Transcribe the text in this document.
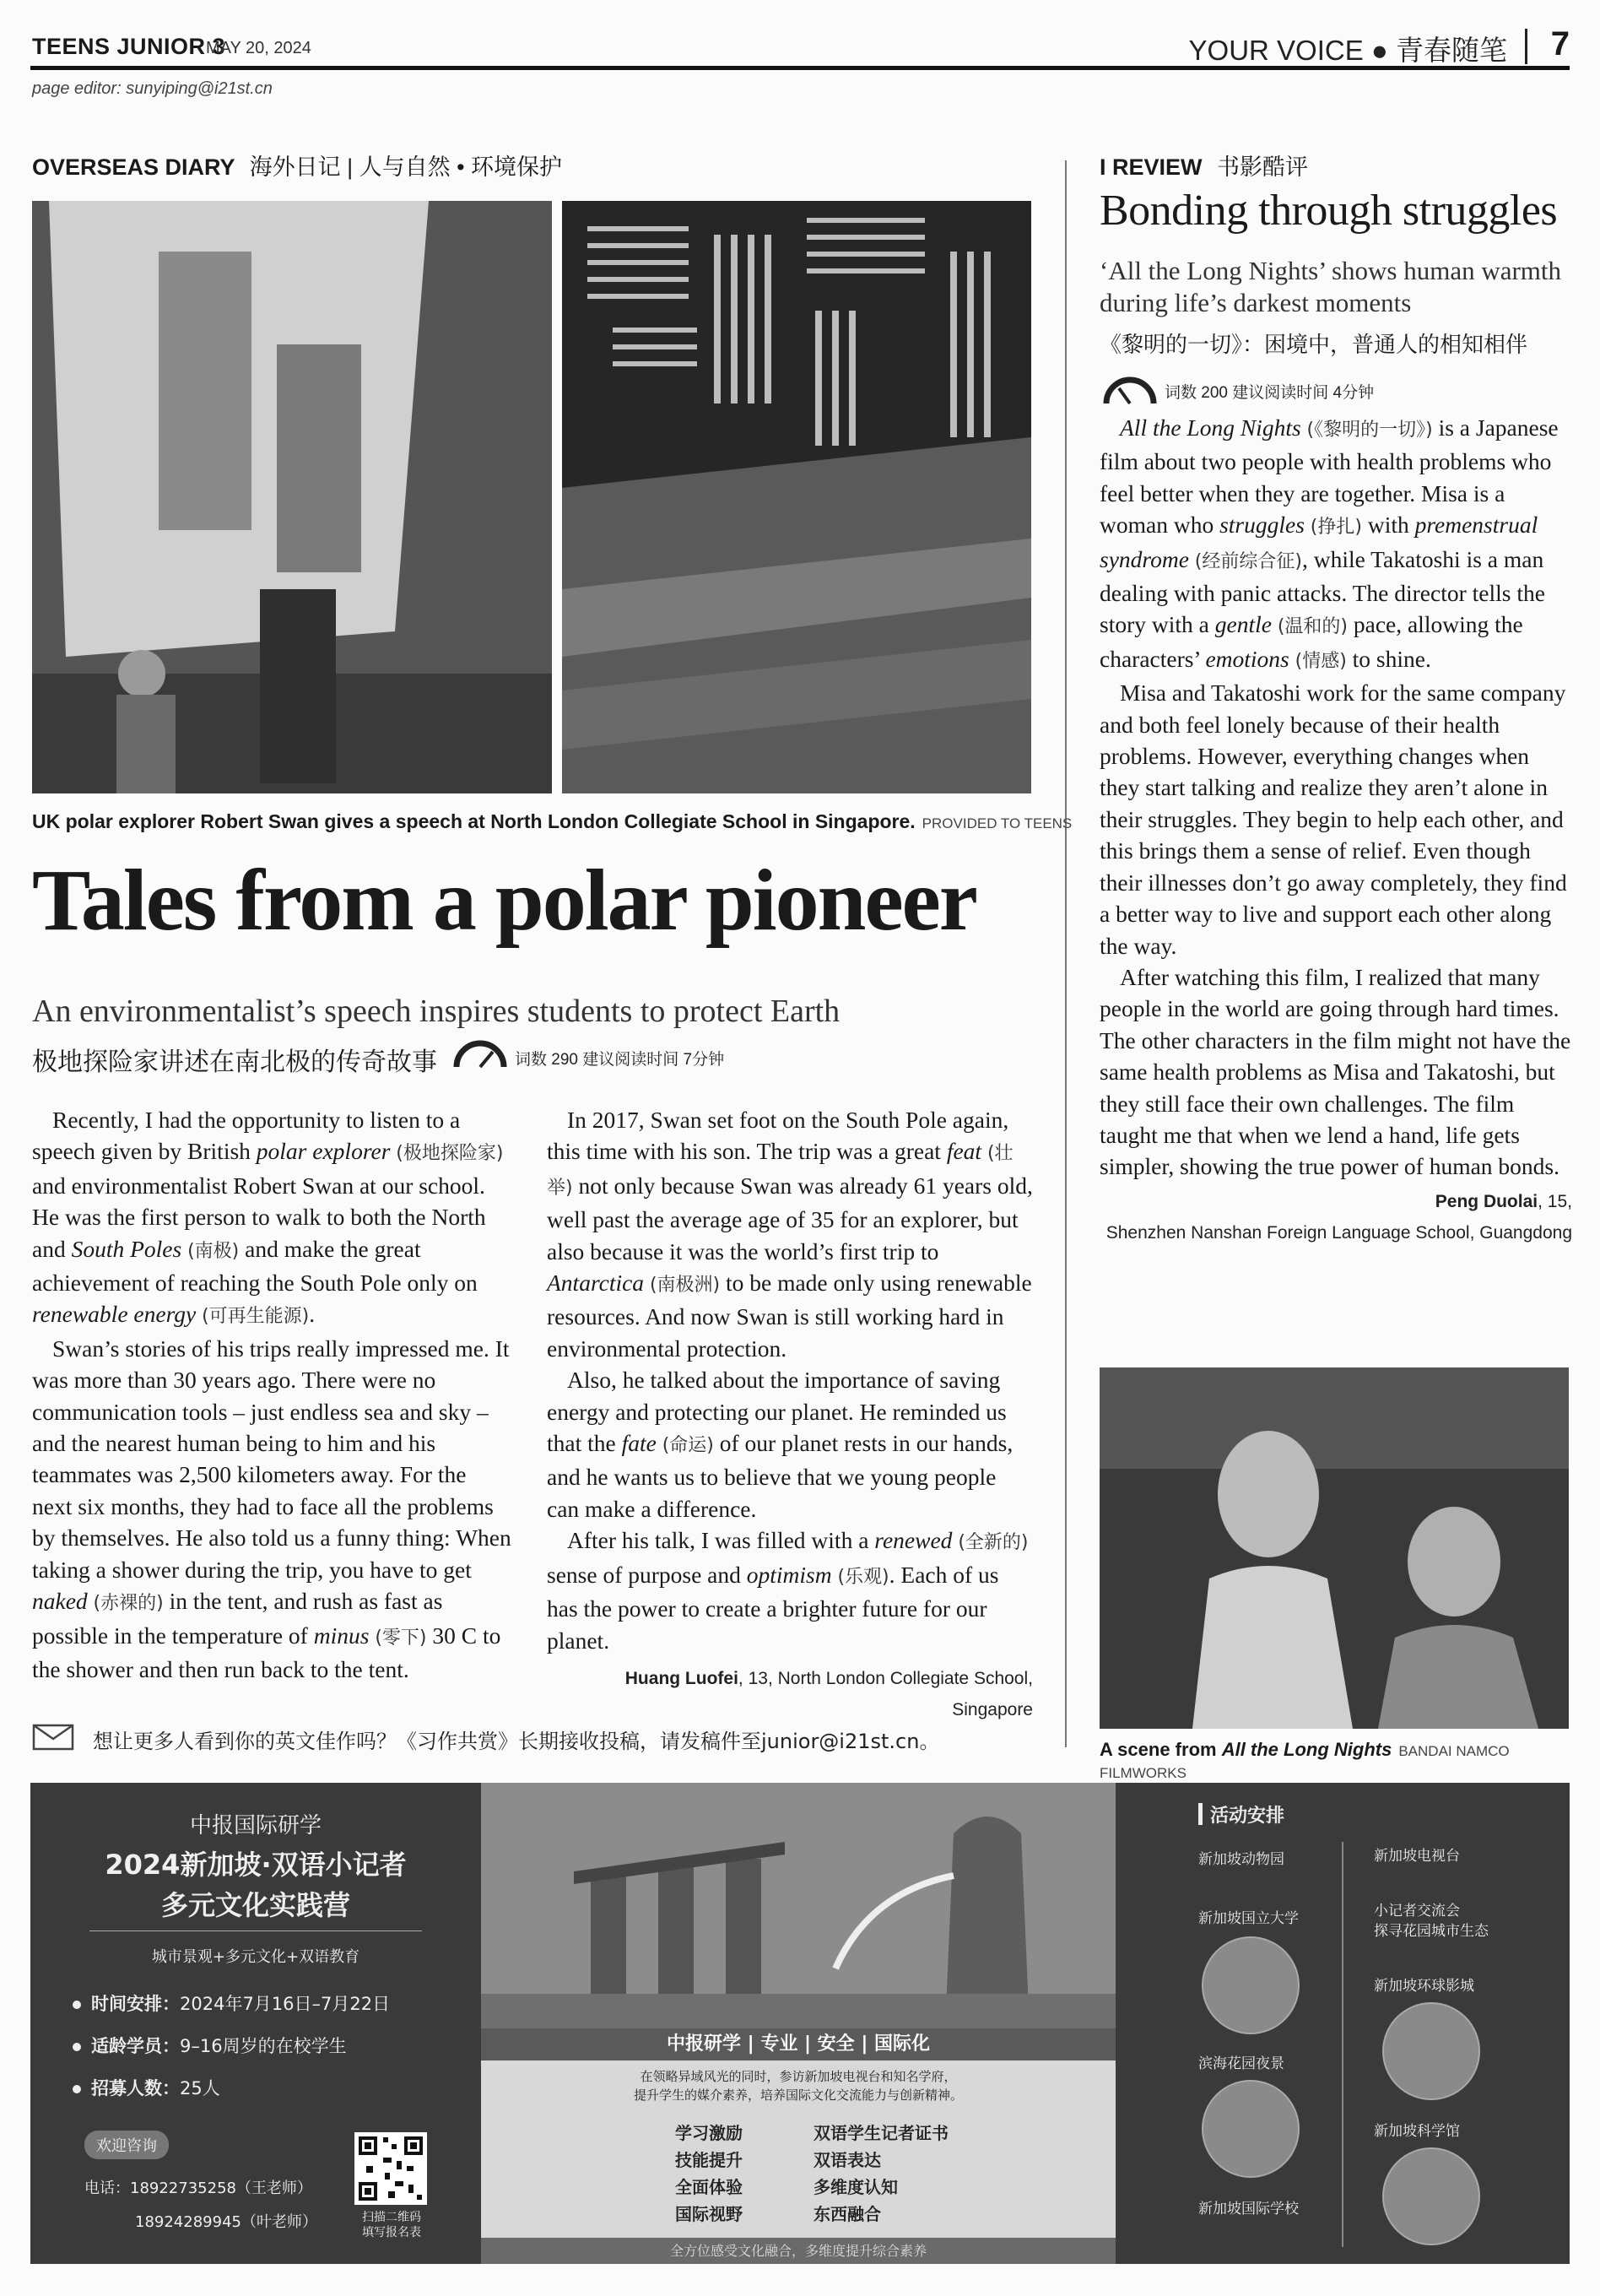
TEENS JUNIOR 3
MAY 20, 2024	YOUR VOICE ● 青春随笔 7
page editor: sunyiping@i21st.cn
OVERSEAS DIARY 海外日记 | 人与自然 • 环境保护
UK polar explorer Robert Swan gives a speech at North London Collegiate School in Singapore. PROVIDED TO TEENS
Tales from a polar pioneer
An environmentalist’s speech inspires students to protect Earth
极地探险家讲述在南北极的传奇故事	词数 290 建议阅读时间 7分钟

Recently, I had the opportunity to listen to a speech given by British polar explorer (极地探险家) and environmentalist Robert Swan at our school. He was the first person to walk to both the North and South Poles (南极) and make the great achievement of reaching the South Pole only on renewable energy (可再生能源).

Swan’s stories of his trips really impressed me. It was more than 30 years ago. There were no communication tools – just endless sea and sky – and the nearest human being to him and his teammates was 2,500 kilometers away. For the next six months, they had to face all the problems by themselves. He also told us a funny thing: When taking a shower during the trip, you have to get naked (赤裸的) in the tent, and rush as fast as possible in the temperature of minus (零下) 30 C to the shower and then run back to the tent.

In 2017, Swan set foot on the South Pole again, this time with his son. The trip was a great feat (壮举) not only because Swan was already 61 years old, well past the average age of 35 for an explorer, but also because it was the world’s first trip to Antarctica (南极洲) to be made only using renewable resources. And now Swan is still working hard in environmental protection.

Also, he talked about the importance of saving energy and protecting our planet. He reminded us that the fate (命运) of our planet rests in our hands, and he wants us to believe that we young people can make a difference.

After his talk, I was filled with a renewed (全新的) sense of purpose and optimism (乐观). Each of us has the power to create a brighter future for our planet.

Huang Luofei, 13, North London Collegiate School, Singapore
想让更多人看到你的英文佳作吗？《习作共赏》长期接收投稿，请发稿件至junior@i21st.cn。
I REVIEW 书影酷评
Bonding through struggles
‘All the Long Nights’ shows human warmth during life’s darkest moments
《黎明的一切》：困境中，普通人的相知相伴
词数 200 建议阅读时间 4分钟

All the Long Nights (《黎明的一切》) is a Japanese film about two people with health problems who feel better when they are together. Misa is a woman who struggles (挣扎) with premenstrual syndrome (经前综合征), while Takatoshi is a man dealing with panic attacks. The director tells the story with a gentle (温和的) pace, allowing the characters’ emotions (情感) to shine.

Misa and Takatoshi work for the same company and both feel lonely because of their health problems. However, everything changes when they start talking and realize they aren’t alone in their struggles. They begin to help each other, and this brings them a sense of relief. Even though their illnesses don’t go away completely, they find a better way to live and support each other along the way.

After watching this film, I realized that many people in the world are going through hard times. The other characters in the film might not have the same health problems as Misa and Takatoshi, but they still face their own challenges. The film taught me that when we lend a hand, life gets simpler, showing the true power of human bonds.

Peng Duolai, 15,
Shenzhen Nanshan Foreign Language School, Guangdong
A scene from All the Long Nights BANDAI NAMCO FILMWORKS
中报国际研学
2024新加坡·双语小记者
多元文化实践营
城市景观+多元文化+双语教育
时间安排：2024年7月16日–7月22日
适龄学员：9–16周岁的在校学生
招募人数：25人
欢迎咨询
电话：18922735258（王老师）
18924289945（叶老师）	扫描二维码
填写报名表
中报研学 | 专业 | 安全 | 国际化
在领略异域风光的同时，参访新加坡电视台和知名学府，
提升学生的媒介素养，培养国际文化交流能力与创新精神。
学习激励
技能提升
全面体验
国际视野
双语学生记者证书
双语表达
多维度认知
东西融合
全方位感受文化融合，多维度提升综合素养
活动安排
新加坡动物园
新加坡国立大学
滨海花园夜景
新加坡国际学校
新加坡电视台
小记者交流会
探寻花园城市生态
新加坡环球影城
新加坡科学馆
